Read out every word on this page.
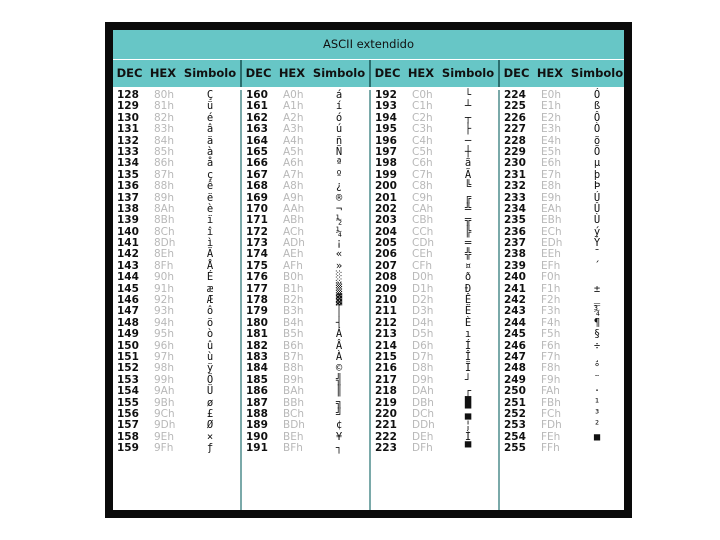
ASCII extendido
DEC HEX Simbolo DEC HEX Simbolo DEC HEX Simbolo DEC HEX Simbolo
128
129
130
131
132
133
134
135
136
137
138
139
140
141
142
143
144
145
146
147
148
149
150
151
152
153
154
155
156
157
158
159
80h
81h
82h
83h
84h
85h
86h
87h
88h
89h
8Ah
8Bh
8Ch
8Dh
8Eh
8Fh
90h
91h
92h
93h
94h
95h
96h
97h
98h
99h
9Ah
9Bh
9Ch
9Dh
9Eh
9Fh
Ç
ü
é
â
ä
à
å
ç
ê
ë
è
ï
î
ì
Ä
Å
É
æ
Æ
ô
ö
ò
û
ù
ÿ
Ö
Ü
ø
£
Ø
×
ƒ
160
161
162
163
164
165
166
167
168
169
170
171
172
173
174
175
176
177
178
179
180
181
182
183
184
185
186
187
188
189
190
191
A0h
A1h
A2h
A3h
A4h
A5h
A6h
A7h
A8h
A9h
AAh
ABh
ACh
ADh
AEh
AFh
B0h
B1h
B2h
B3h
B4h
B5h
B6h
B7h
B8h
B9h
BAh
BBh
BCh
BDh
BEh
BFh
á
í
ó
ú
ñ
Ñ
ª
º
¿
®
¬
½
¼
¡
«
»
░
▒
▓
│
┤
Á
Â
À
©
╣
║
╗
╝
¢
¥
┐
192
193
194
195
196
197
198
199
200
201
202
203
204
205
206
207
208
209
210
211
212
213
214
215
216
217
218
219
220
221
222
223
C0h
C1h
C2h
C3h
C4h
C5h
C6h
C7h
C8h
C9h
CAh
CBh
CCh
CDh
CEh
CFh
D0h
D1h
D2h
D3h
D4h
D5h
D6h
D7h
D8h
D9h
DAh
DBh
DCh
DDh
DEh
DFh
└
┴
┬
├
─
┼
ã
Ã
╚
╔
╩
╦
╠
═
╬
¤
ð
Ð
Ê
Ë
È
ı
Í
Î
Ï
┘
┌
█
▄
¦
Ì
▀
224
225
226
227
228
229
230
231
232
233
234
235
236
237
238
239
240
241
242
243
244
245
246
247
248
249
250
251
252
253
254
255
E0h
E1h
E2h
E3h
E4h
E5h
E6h
E7h
E8h
E9h
EAh
EBh
ECh
EDh
EEh
EFh
F0h
F1h
F2h
F3h
F4h
F5h
F6h
F7h
F8h
F9h
FAh
FBh
FCh
FDh
FEh
FFh
Ó
ß
Ô
Ò
õ
Õ
µ
þ
Þ
Ú
Û
Ù
ý
Ý
¯
´
±
‗
¾
¶
§
÷
¸
°
¨
·
¹
³
²
■
